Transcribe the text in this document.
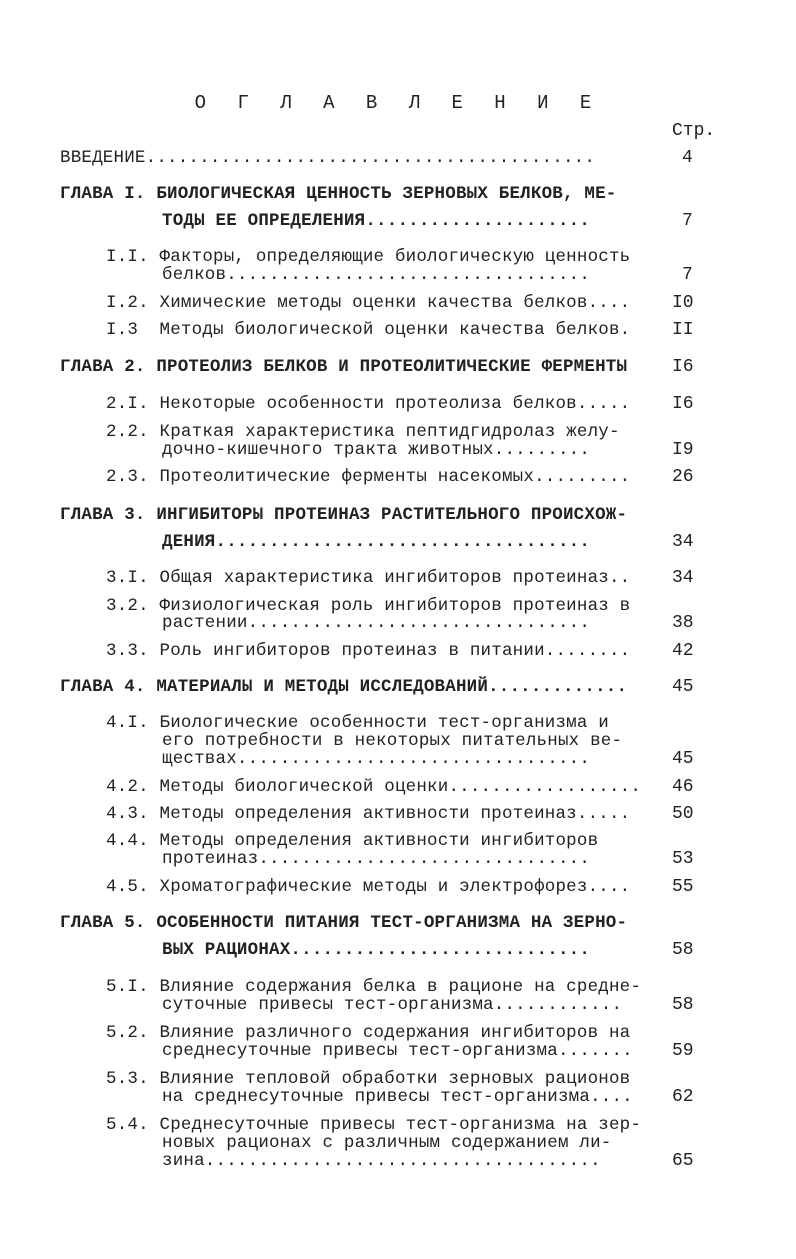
О Г Л А В Л Е Н И Е
Стр.
ВВЕДЕНИЕ..........................................
ГЛАВА I. БИОЛОГИЧЕСКАЯ ЦЕННОСТЬ ЗЕРНОВЫХ БЕЛКОВ, МЕ-
ТОДЫ ЕЕ ОПРЕДЕЛЕНИЯ.....................
I.I. Факторы, определяющие биологическую ценность
белков..................................
I.2. Химические методы оценки качества белков....
I.3  Методы биологической оценки качества белков.
ГЛАВА 2. ПРОТЕОЛИЗ БЕЛКОВ И ПРОТЕОЛИТИЧЕСКИЕ ФЕРМЕНТЫ
2.I. Некоторые особенности протеолиза белков.....
2.2. Краткая характеристика пептидгидролаз желу-
дочно-кишечного тракта животных.........
2.3. Протеолитические ферменты насекомых.........
ГЛАВА 3. ИНГИБИТОРЫ ПРОТЕИНАЗ РАСТИТЕЛЬНОГО ПРОИСХОЖ-
ДЕНИЯ...................................
3.I. Общая характеристика ингибиторов протеиназ..
3.2. Физиологическая роль ингибиторов протеиназ в
растении................................
3.3. Роль ингибиторов протеиназ в питании........
ГЛАВА 4. МАТЕРИАЛЫ И МЕТОДЫ ИССЛЕДОВАНИЙ.............
4.I. Биологические особенности тест-организма и
его потребности в некоторых питательных ве-
ществах.................................
4.2. Методы биологической оценки..................
4.3. Методы определения активности протеиназ.....
4.4. Методы определения активности ингибиторов
протеиназ...............................
4.5. Хроматографические методы и электрофорез....
ГЛАВА 5. ОСОБЕННОСТИ ПИТАНИЯ ТЕСТ-ОРГАНИЗМА НА ЗЕРНО-
ВЫХ РАЦИОНАХ............................
5.I. Влияние содержания белка в рационе на средне-
суточные привесы тест-организма............
5.2. Влияние различного содержания ингибиторов на
среднесуточные привесы тест-организма.......
5.3. Влияние тепловой обработки зерновых рационов
на среднесуточные привесы тест-организма....
5.4. Среднесуточные привесы тест-организма на зер-
новых рационах с различным содержанием ли-
зина.....................................
4
7
7
I0
II
I6
I6
I9
26
34
34
38
42
45
45
46
50
53
55
58
58
59
62
65
